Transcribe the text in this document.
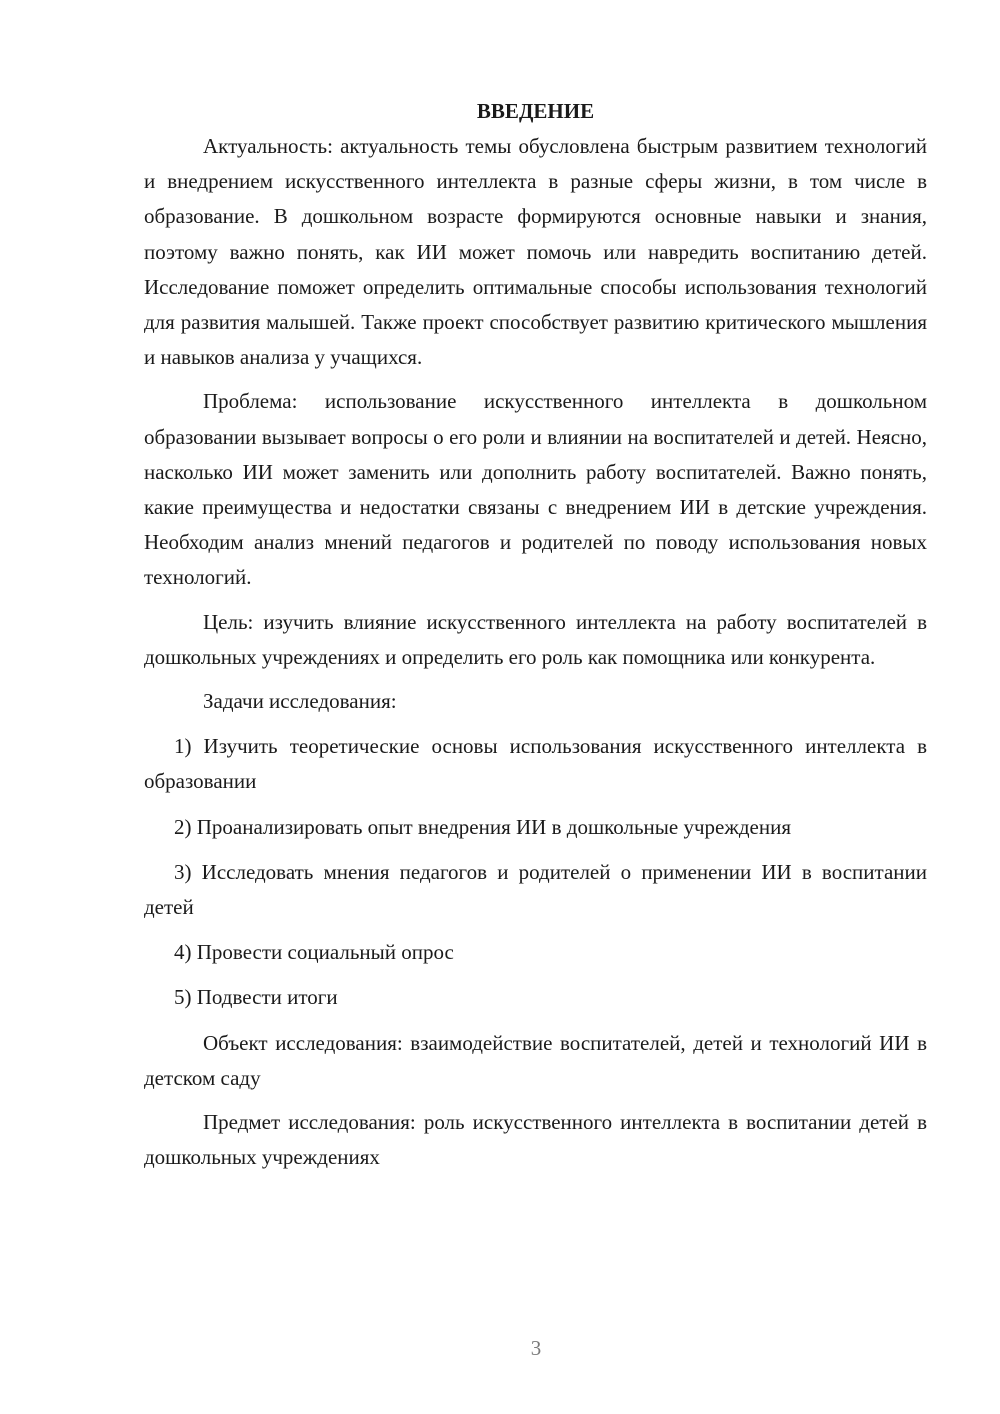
ВВЕДЕНИЕ

Актуальность: актуальность темы обусловлена быстрым развитием технологий и внедрением искусственного интеллекта в разные сферы жизни, в том числе в образование. В дошкольном возрасте формируются основные навыки и знания, поэтому важно понять, как ИИ может помочь или навредить воспитанию детей. Исследование поможет определить оптимальные способы использования технологий для развития малышей. Также проект способствует развитию критического мышления и навыков анализа у учащихся.

Проблема: использование искусственного интеллекта в дошкольном образовании вызывает вопросы о его роли и влиянии на воспитателей и детей. Неясно, насколько ИИ может заменить или дополнить работу воспитателей. Важно понять, какие преимущества и недостатки связаны с внедрением ИИ в детские учреждения. Необходим анализ мнений педагогов и родителей по поводу использования новых технологий.

Цель: изучить влияние искусственного интеллекта на работу воспитателей в дошкольных учреждениях и определить его роль как помощника или конкурента.

Задачи исследования:

1) Изучить теоретические основы использования искусственного интеллекта в образовании

2) Проанализировать опыт внедрения ИИ в дошкольные учреждения

3) Исследовать мнения педагогов и родителей о применении ИИ в воспитании детей

4) Провести социальный опрос

5) Подвести итоги

Объект исследования: взаимодействие воспитателей, детей и технологий ИИ в детском саду

Предмет исследования: роль искусственного интеллекта в воспитании детей в дошкольных учреждениях

3
